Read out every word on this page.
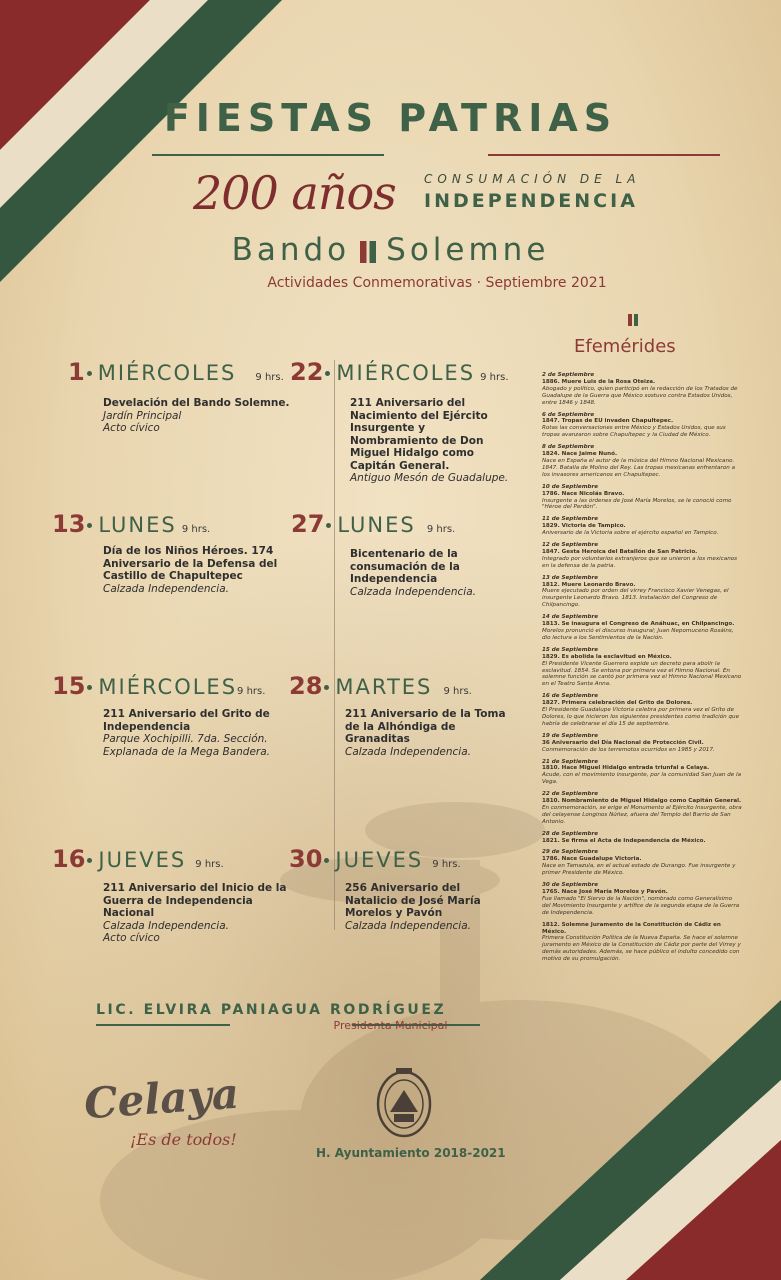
FIESTAS PATRIAS
200 años CONSUMACIÓN DE LA
INDEPENDENCIA
Bando Solemne
Actividades Conmemorativas · Septiembre 2021
Efemérides
1 MIÉRCOLES 9 hrs.
Develación del Bando Solemne.
Jardín Principal
Acto cívico
22 MIÉRCOLES 9 hrs.
211 Aniversario del Nacimiento del Ejército Insurgente y Nombramiento de Don Miguel Hidalgo como Capitán General.
Antiguo Mesón de Guadalupe.
13 LUNES 9 hrs.
Día de los Niños Héroes. 174 Aniversario de la Defensa del Castillo de Chapultepec
Calzada Independencia.
27 LUNES 9 hrs.
Bicentenario de la consumación de la Independencia
Calzada Independencia.
15 MIÉRCOLES9 hrs.
211 Aniversario del Grito de Independencia
Parque Xochipilli. 7da. Sección.
Explanada de la Mega Bandera.
28 MARTES 9 hrs.
211 Aniversario de la Toma de la Alhóndiga de Granaditas
Calzada Independencia.
16 JUEVES 9 hrs.
211 Aniversario del Inicio de la Guerra de Independencia Nacional
Calzada Independencia.
Acto cívico
30 JUEVES 9 hrs.
256 Aniversario del Natalicio de José María Morelos y Pavón
Calzada Independencia.
2 de Septiembre
1886. Muere Luis de la Rosa Oteiza.
Abogado y político, quien participó en la redacción de los Tratados de Guadalupe de la Guerra que México sostuvo contra Estados Unidos, entre 1846 y 1848.
6 de Septiembre
1847. Tropas de EU invaden Chapultepec.
Rotas las conversaciones entre México y Estados Unidos, que sus tropas avanzaron sobre Chapultepec y la Ciudad de México.
8 de Septiembre
1824. Nace Jaime Nunó.
Nace en España el autor de la música del Himno Nacional Mexicano. 1847. Batalla de Molino del Rey. Las tropas mexicanas enfrentaron a los invasores americanos en Chapultepec.
10 de Septiembre
1786. Nace Nicolás Bravo.
Insurgente a las órdenes de José María Morelos, se le conoció como "Héroe del Perdón".
11 de Septiembre
1829. Victoria de Tampico.
Aniversario de la Victoria sobre el ejército español en Tampico.
12 de Septiembre
1847. Gesta Heroica del Batallón de San Patricio.
Integrado por voluntarios extranjeros que se unieron a los mexicanos en la defensa de la patria.
13 de Septiembre
1812. Muere Leonardo Bravo.
Muere ejecutado por orden del virrey Francisco Xavier Venegas, el insurgente Leonardo Bravo. 1813. Instalación del Congreso de Chilpancingo.
14 de Septiembre
1813. Se inaugura el Congreso de Anáhuac, en Chilpancingo.
Morelos pronunció el discurso inaugural; Juan Nepomuceno Rosáins, dio lectura a los Sentimientos de la Nación.
15 de Septiembre
1829. Es abolida la esclavitud en México.
El Presidente Vicente Guerrero expide un decreto para abolir la esclavitud. 1854. Se entona por primera vez el Himno Nacional. En solemne función se cantó por primera vez el Himno Nacional Mexicano en el Teatro Santa Anna.
16 de Septiembre
1827. Primera celebración del Grito de Dolores.
El Presidente Guadalupe Victoria celebra por primera vez el Grito de Dolores, lo que hicieron los siguientes presidentes como tradición que habría de celebrarse el día 15 de septiembre.
19 de Septiembre
36 Aniversario del Día Nacional de Protección Civil.
Conmemoración de los terremotos ocurridos en 1985 y 2017.
21 de Septiembre
1810. Hace Miguel Hidalgo entrada triunfal a Celaya.
Acude, con el movimiento insurgente, por la comunidad San Juan de la Vega.
22 de Septiembre
1810. Nombramiento de Miguel Hidalgo como Capitán General.
En conmemoración, se erige el Monumento al Ejército Insurgente, obra del celayense Longinos Núñez, afuera del Templo del Barrio de San Antonio.
28 de Septiembre
1821. Se firma el Acta de Independencia de México.
29 de Septiembre
1786. Nace Guadalupe Victoria.
Nace en Tamazula, en el actual estado de Durango. Fue insurgente y primer Presidente de México.
30 de Septiembre
1765. Nace José María Morelos y Pavón.
Fue llamado "El Siervo de la Nación", nombrado como Generalísimo del Movimiento Insurgente y artífice de la segunda etapa de la Guerra de Independencia.
1812. Solemne Juramento de la Constitución de Cádiz en México.
Primera Constitución Política de la Nueva España. Se hace el solemne juramento en México de la Constitución de Cádiz por parte del Virrey y demás autoridades. Además, se hace público el indulto concedido con motivo de su promulgación.
LIC. ELVIRA PANIAGUA RODRÍGUEZ
Presidenta Municipal
Celaya
¡Es de todos!
H. Ayuntamiento 2018-2021
